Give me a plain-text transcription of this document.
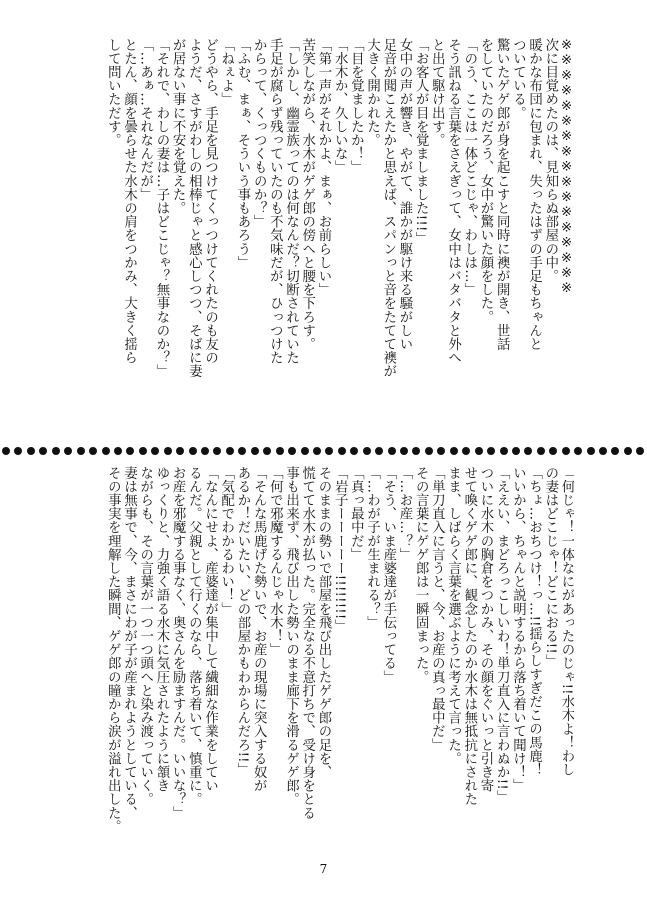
※※※※※※※※※※※※※※※※※
次に目覚めたのは、見知らぬ部屋の中。
暖かな布団に包まれ、失ったはずの手足もちゃんと
ついている。
驚いたゲゲ郎が身を起こすと同時に襖が開き、世話
をしていたのだろう、女中が驚いた顔をした。
「のう、ここは一体どこじゃ、わしは…」
そう訊ねる言葉をさえぎって、女中はバタバタと外へ
と出て駆け出す。
「お客人が目を覚ましました!!!」
女中の声が響き、やがて、誰かが駆け来る騒がしい
足音が聞こえたかと思えば、スパンっと音をたてて襖が
大きく開かれた。
「目を覚ましたか！」
「水木か、久しいな」
「第一声がそれかよ、まぁ、お前らしい」
苦笑しながら、水木がゲゲ郎の傍へと腰を下ろす。
「しかし、幽霊族ってのは何なんだ？切断されていた
手足が腐らず残っていたのも不気味だが、ひっつけた
からって、くっつくものか？」
「ふむ、まぁ、そういう事もあろう」
「ねぇよ」
どうやら、手足を見つけてくっつけてくれたのも友の
ようだ、さすがわしの相棒じゃと感心しつつ、そばに妻
が居ない事に不安を覚えた。
「それで、わしの妻は…子はどこじゃ？無事なのか？」
「…あぁ…それなんだが」
とたん、顔を曇らせた水木の肩をつかみ、大きく揺ら
して問いただす。
「何じゃ！一体なにがあったのじゃ!!水木よ！わし
の妻はどこじゃ！どこにおる!!」
「ちょ…おちつけ！っ…!!揺らしすぎだこの馬鹿！
いいから、ちゃんと説明するから落ち着いて聞け！」
「ええい、まどろっこしいわ！単刀直入に言わぬか!!」
ついに水木の胸倉をつかみ、その顔をぐいっと引き寄
せて喚くゲゲ郎に、観念したのか水木は無抵抗にされた
まま、しばらく言葉を選ぶように考えて言った。
「単刀直入に言うと、今、お産の真っ最中だ」
その言葉にゲゲ郎は一瞬固まった。
「…お産…？」
「そう、いま産婆達が手伝ってる」
「…わが子が生まれる？」
「真っ最中だ」
「岩子ーーーーー!!!!!!!!」
そのままの勢いで部屋を飛び出したゲゲ郎の足を、
慌てて水木が払った。完全なる不意打ちで、受け身をとる
事も出来ず、飛び出した勢いのまま廊下を滑るゲゲ郎。
「何で邪魔するんじゃ水木！」
「そんな馬鹿げた勢いで、お産の現場に突入する奴が
あるか！だいたい、どの部屋かもわからんだろ!!」
「気配でわかるわい！」
「なんにせよ、産婆達が集中して繊細な作業をしてい
るんだ。父親として行くのなら、落ち着いて、慎重に。
お産を邪魔する事なく、奥さんを励ますんだ。いいな？」
ゆっくりと、力強く語る水木に気圧されたように頷き
ながらも、その言葉が一つ一つ頭へと染み渡っていく。
妻は無事で、今、まさにわが子が産まれようとしている、
その事実を理解した瞬間、ゲゲ郎の瞳から涙が溢れ出した。
7
